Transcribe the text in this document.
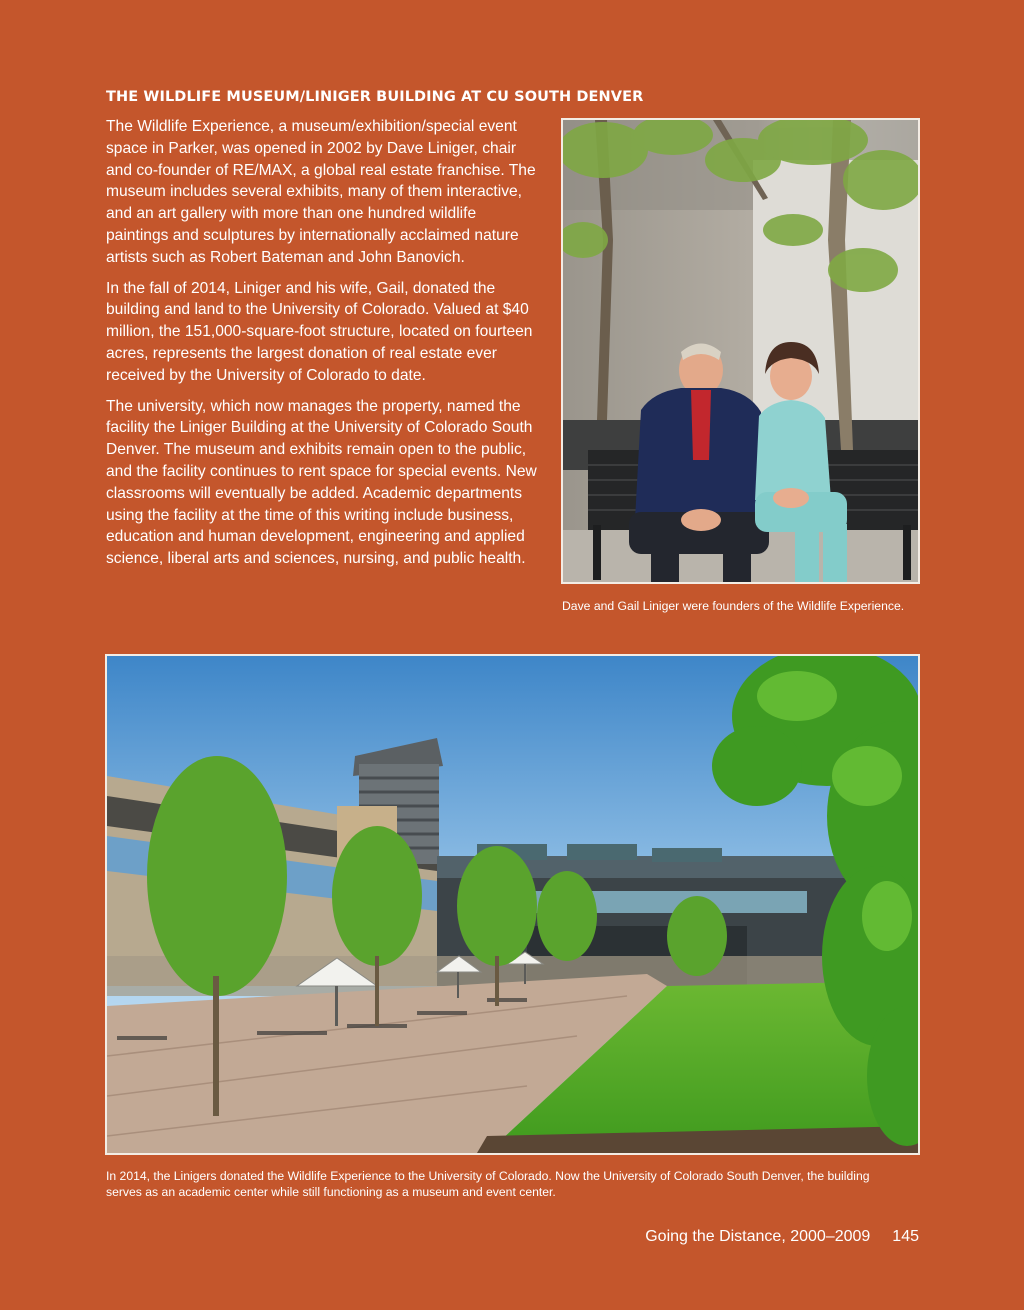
THE WILDLIFE MUSEUM/LINIGER BUILDING AT CU SOUTH DENVER

The Wildlife Experience, a museum/exhibition/special event space in Parker, was opened in 2002 by Dave Liniger, chair and co-founder of RE/MAX, a global real estate franchise. The museum includes several exhibits, many of them interactive, and an art gallery with more than one hundred wildlife paintings and sculptures by internationally acclaimed nature artists such as Robert Bateman and John Banovich.

In the fall of 2014, Liniger and his wife, Gail, donated the building and land to the University of Colorado. Valued at $40 million, the 151,000-square-foot structure, located on fourteen acres, represents the largest donation of real estate ever received by the University of Colorado to date.

The university, which now manages the property, named the facility the Liniger Building at the University of Colorado South Denver. The museum and exhibits remain open to the public, and the facility continues to rent space for special events. New classrooms will eventually be added. Academic departments using the facility at the time of this writing include business, education and human development, engineering and applied science, liberal arts and sciences, nursing, and public health.

Dave and Gail Liniger were founders of the Wildlife Experience.
In 2014, the Linigers donated the Wildlife Experience to the University of Colorado. Now the University of Colorado South Denver, the building serves as an academic center while still functioning as a museum and event center.
Going the Distance, 2000–2009 145
